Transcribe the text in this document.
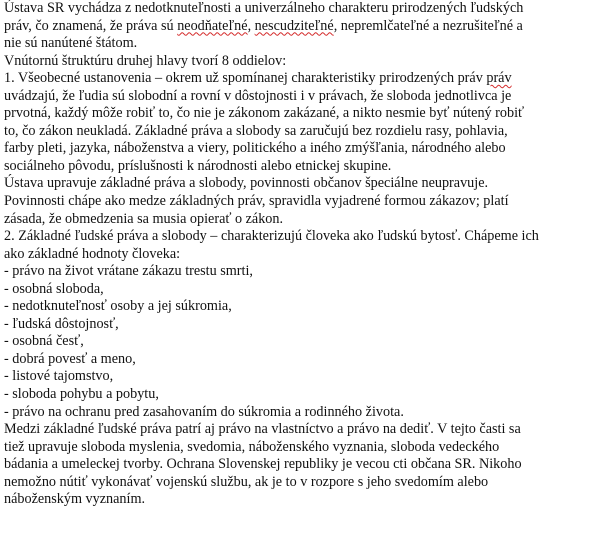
Ústava SR vychádza z nedotknuteľnosti a univerzálneho charakteru prirodzených ľudských
práv, čo znamená, že práva sú neodňateľné, nescudziteľné, nepremlčateľné a nezrušiteľné a
nie sú nanútené štátom.
Vnútornú štruktúru druhej hlavy tvorí 8 oddielov:
1. Všeobecné ustanovenia – okrem už spomínanej charakteristiky prirodzených práv práv
uvádzajú, že ľudia sú slobodní a rovní v dôstojnosti i v právach, že sloboda jednotlivca je
prvotná, každý môže robiť to, čo nie je zákonom zakázané, a nikto nesmie byť nútený robiť
to, čo zákon neukladá. Základné práva a slobody sa zaručujú bez rozdielu rasy, pohlavia,
farby pleti, jazyka, náboženstva a viery, politického a iného zmýšľania, národného alebo
sociálneho pôvodu, príslušnosti k národnosti alebo etnickej skupine.
Ústava upravuje základné práva a slobody, povinnosti občanov špeciálne neupravuje.
Povinnosti chápe ako medze základných práv, spravidla vyjadrené formou zákazov; platí
zásada, že obmedzenia sa musia opierať o zákon.
2. Základné ľudské práva a slobody – charakterizujú človeka ako ľudskú bytosť. Chápeme ich
ako základné hodnoty človeka:
- právo na život vrátane zákazu trestu smrti,
- osobná sloboda,
- nedotknuteľnosť osoby a jej súkromia,
- ľudská dôstojnosť,
- osobná česť,
- dobrá povesť a meno,
- listové tajomstvo,
- sloboda pohybu a pobytu,
- právo na ochranu pred zasahovaním do súkromia a rodinného života.
Medzi základné ľudské práva patrí aj právo na vlastníctvo a právo na dediť. V tejto časti sa
tiež upravuje sloboda myslenia, svedomia, náboženského vyznania, sloboda vedeckého
bádania a umeleckej tvorby. Ochrana Slovenskej republiky je vecou cti občana SR. Nikoho
nemožno nútiť vykonávať vojenskú službu, ak je to v rozpore s jeho svedomím alebo
náboženským vyznaním.
